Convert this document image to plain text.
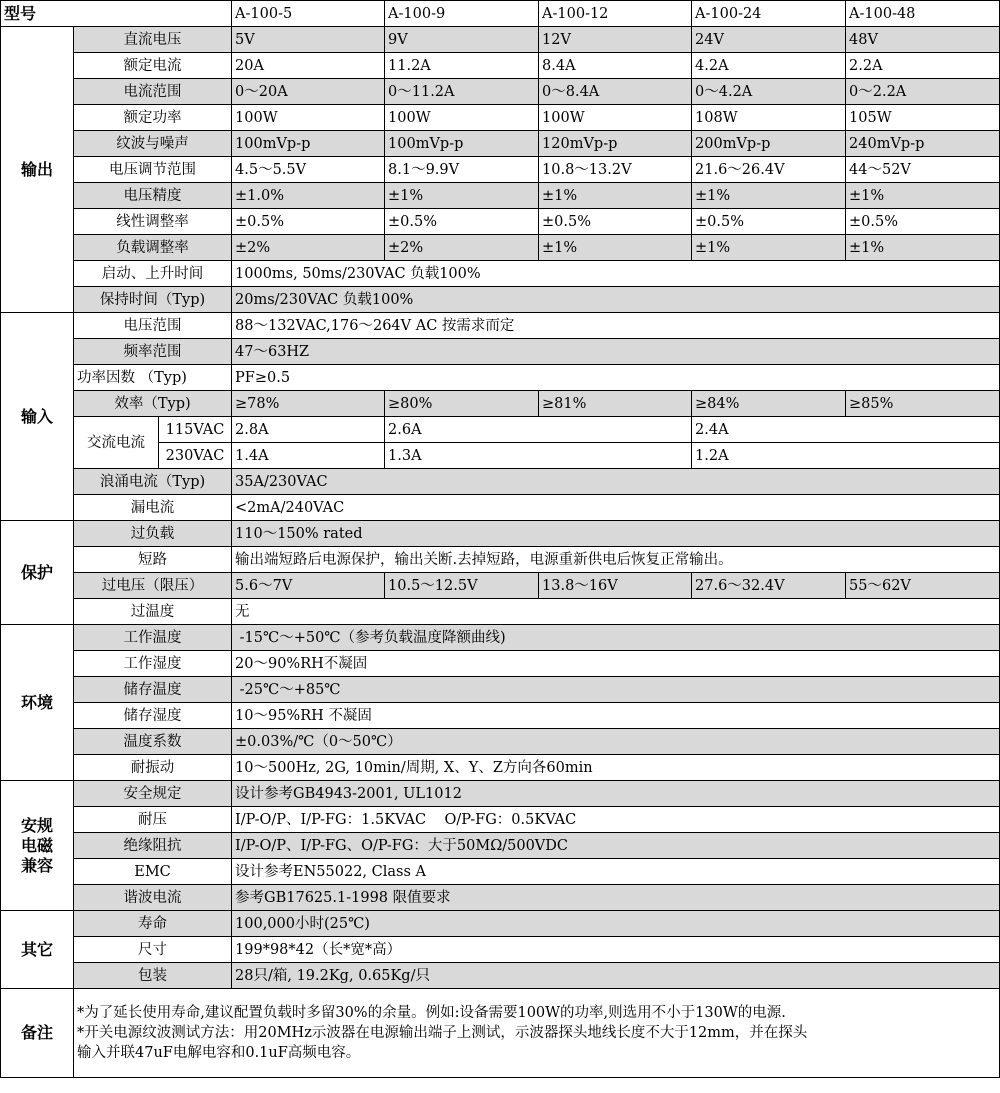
型号			A-100-5	A-100-9	A-100-12	A-100-24	A-100-48
输出	直流电压		5V	9V	12V	24V	48V
	额定电流		20A	11.2A	8.4A	4.2A	2.2A
	电流范围		0～20A	0～11.2A	0～8.4A	0～4.2A	0～2.2A
	额定功率		100W	100W	100W	108W	105W
	纹波与噪声		100mVp-p	100mVp-p	120mVp-p	200mVp-p	240mVp-p
	电压调节范围		4.5～5.5V	8.1～9.9V	10.8～13.2V	21.6～26.4V	44～52V
	电压精度		±1.0%	±1%	±1%	±1%	±1%
	线性调整率		±0.5%	±0.5%	±0.5%	±0.5%	±0.5%
	负载调整率		±2%	±2%	±1%	±1%	±1%
	启动、上升时间		1000ms, 50ms/230VAC 负载100%				
	保持时间（Typ)		20ms/230VAC 负载100%				
输入	电压范围		88～132VAC,176～264V AC 按需求而定				
	频率范围		47～63HZ				
	功率因数 （Typ)		PF≥0.5				
	效率（Typ)		≥78%	≥80%	≥81%	≥84%	≥85%
	交流电流	115VAC	2.8A	2.6A		2.4A	
		230VAC	1.4A	1.3A		1.2A	
	浪涌电流（Typ)		35A/230VAC				
	漏电流		<2mA/240VAC				
保护	过负载		110～150% rated				
	短路		输出端短路后电源保护，输出关断.去掉短路，电源重新供电后恢复正常输出。				
	过电压（限压）		5.6～7V	10.5～12.5V	13.8～16V	27.6～32.4V	55～62V
	过温度		无				
环境	工作温度		-15℃～+50℃（参考负载温度降额曲线)				
	工作湿度		20～90%RH不凝固				
	储存温度		-25℃～+85℃				
	储存湿度		10～95%RH 不凝固				
	温度系数		±0.03%/℃（0～50℃）				
	耐振动		10～500Hz, 2G, 10min/周期, X、Y、Z方向各60min				
安规
电磁
兼容	安全规定		设计参考GB4943-2001, UL1012				
	耐压		I/P-O/P、I/P-FG：1.5KVAC    O/P-FG：0.5KVAC				
	绝缘阻抗		I/P-O/P、I/P-FG、O/P-FG：大于50MΩ/500VDC				
	EMC		设计参考EN55022, Class A				
	谐波电流		参考GB17625.1-1998 限值要求				
其它	寿命		100,000小时(25℃)				
	尺寸		199*98*42（长*宽*高）				
	包装		28只/箱, 19.2Kg, 0.65Kg/只				
备注	*为了延长使用寿命,建议配置负载时多留30%的余量。例如:设备需要100W的功率,则选用不小于130W的电源.
*开关电源纹波测试方法：用20MHz示波器在电源输出端子上测试，示波器探头地线长度不大于12mm，并在探头
输入并联47uF电解电容和0.1uF高频电容。						
